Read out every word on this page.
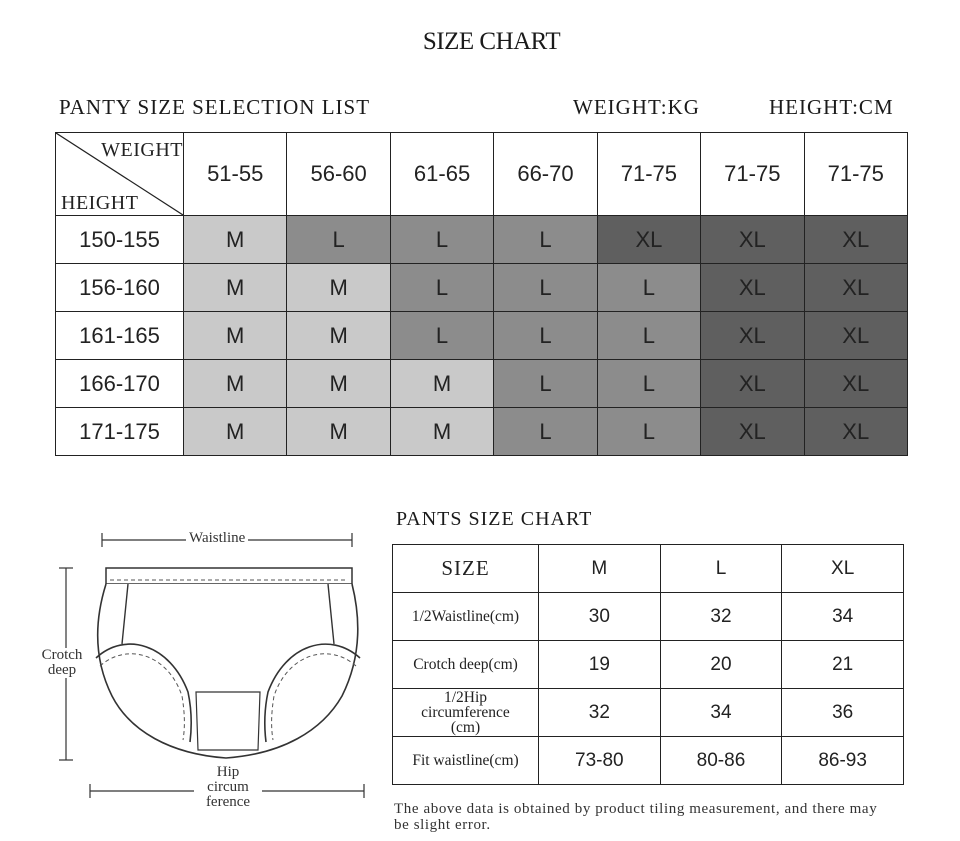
SIZE CHART
PANTY SIZE SELECTION LIST	WEIGHT:KG	HEIGHT:CM
WEIGHT
HEIGHT	51-55	56-60	61-65	66-70	71-75	71-75	71-75
150-155	M	L	L	L	XL	XL	XL
156-160	M	M	L	L	L	XL	XL
161-165	M	M	L	L	L	XL	XL
166-170	M	M	M	L	L	XL	XL
171-175	M	M	M	L	L	XL	XL
Waistline
Crotch
deep
Hip
circum
ference
PANTS SIZE CHART
SIZE	M	L	XL
1/2Waistline(cm)	30	32	34
Crotch deep(cm)	19	20	21
1/2Hip circumference (cm)	32	34	36
Fit waistline(cm)	73-80	80-86	86-93
The above data is obtained by product tiling measurement, and there may be slight error.
